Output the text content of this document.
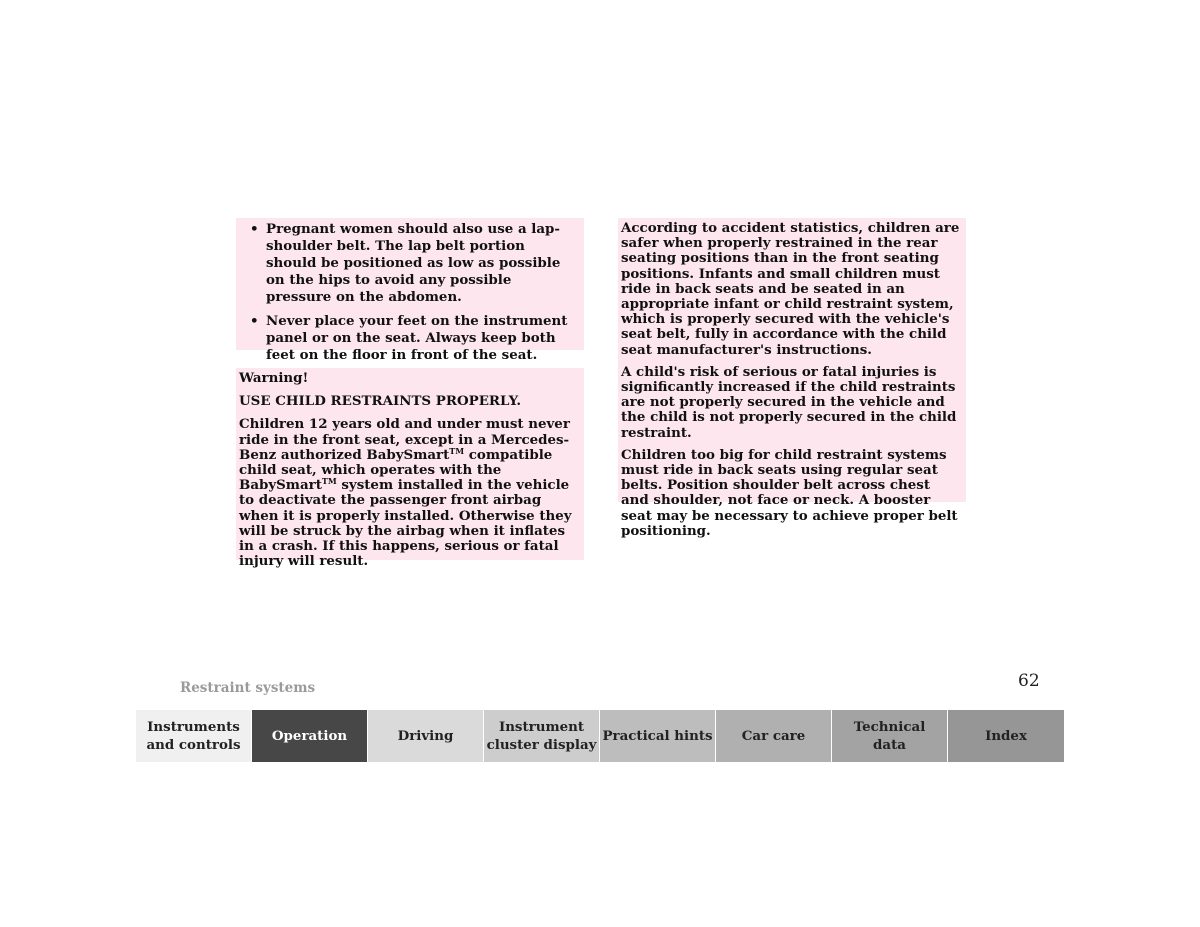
• Pregnant women should also use a lap-shoulder belt. The lap belt portion should be positioned as low as possible on the hips to avoid any possible pressure on the abdomen.
• Never place your feet on the instrument panel or on the seat. Always keep both feet on the floor in front of the seat.

Warning!

USE CHILD RESTRAINTS PROPERLY.

Children 12 years old and under must never ride in the front seat, except in a Mercedes-Benz authorized BabySmart™ compatible child seat, which operates with the BabySmart™ system installed in the vehicle to deactivate the passenger front airbag when it is properly installed. Otherwise they will be struck by the airbag when it inflates in a crash. If this happens, serious or fatal injury will result.

According to accident statistics, children are safer when properly restrained in the rear seating positions than in the front seating positions. Infants and small children must ride in back seats and be seated in an appropriate infant or child restraint system, which is properly secured with the vehicle's seat belt, fully in accordance with the child seat manufacturer's instructions.

A child's risk of serious or fatal injuries is significantly increased if the child restraints are not properly secured in the vehicle and the child is not properly secured in the child restraint.

Children too big for child restraint systems must ride in back seats using regular seat belts. Position shoulder belt across chest and shoulder, not face or neck. A booster seat may be necessary to achieve proper belt positioning.

Restraint systems	62
Instruments
and controls
Operation	Driving
Instrument
cluster display
Practical hints Car care
Technical
data
Index
